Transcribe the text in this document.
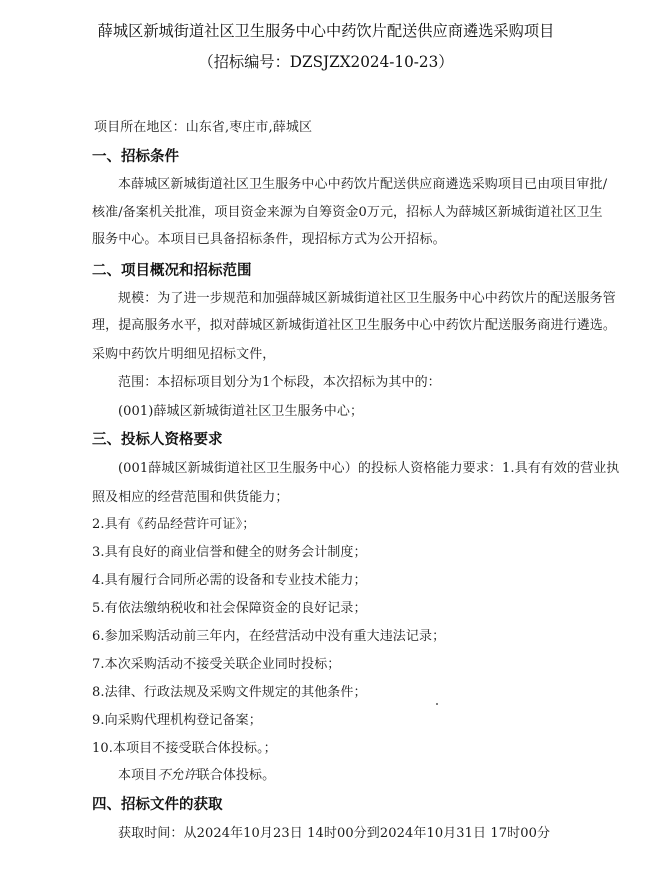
薛城区新城街道社区卫生服务中心中药饮片配送供应商遴选采购项目
（招标编号：DZSJZX2024-10-23）
项目所在地区：山东省,枣庄市,薛城区
一、招标条件
本薛城区新城街道社区卫生服务中心中药饮片配送供应商遴选采购项目已由项目审批/
核准/备案机关批准，项目资金来源为自筹资金0万元，招标人为薛城区新城街道社区卫生
服务中心。本项目已具备招标条件，现招标方式为公开招标。
二、项目概况和招标范围
规模：为了进一步规范和加强薛城区新城街道社区卫生服务中心中药饮片的配送服务管
理，提高服务水平，拟对薛城区新城街道社区卫生服务中心中药饮片配送服务商进行遴选。
采购中药饮片明细见招标文件，
范围：本招标项目划分为1个标段，本次招标为其中的：
(001)薛城区新城街道社区卫生服务中心；
三、投标人资格要求
(001薛城区新城街道社区卫生服务中心）的投标人资格能力要求：1.具有有效的营业执
照及相应的经营范围和供货能力；
2.具有《药品经营许可证》；
3.具有良好的商业信誉和健全的财务会计制度；
4.具有履行合同所必需的设备和专业技术能力；
5.有依法缴纳税收和社会保障资金的良好记录；
6.参加采购活动前三年内，在经营活动中没有重大违法记录；
7.本次采购活动不接受关联企业同时投标；
8.法律、行政法规及采购文件规定的其他条件；
9.向采购代理机构登记备案；
10.本项目不接受联合体投标。；
本项目不允许联合体投标。
四、招标文件的获取
获取时间：从2024年10月23日 14时00分到2024年10月31日 17时00分
